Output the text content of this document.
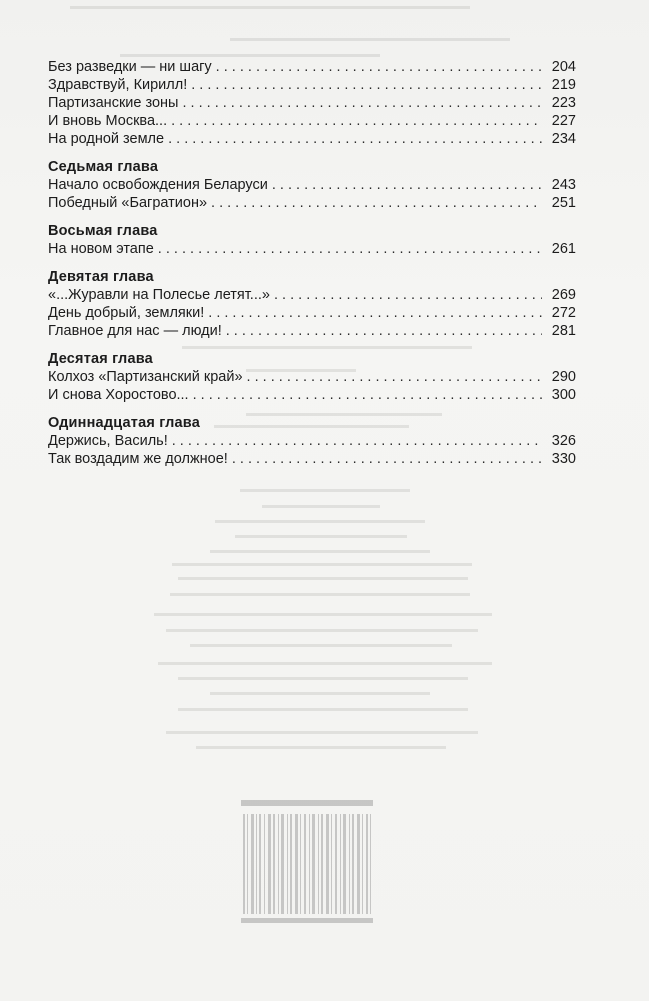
Без разведки — ни шагу . . .	204
Здравствуй, Кирилл! . . .	219
Партизанские зоны . . .	223
И вновь Москва... . . .	227
На родной земле . . .	234
Седьмая глава
Начало освобождения Беларуси . . .	243
Победный «Багратион» . . .	251
Восьмая глава
На новом этапе . . .	261
Девятая глава
«...Журавли на Полесье летят...» . . .	269
День добрый, земляки! . . .	272
Главное для нас — люди! . . .	281
Десятая глава
Колхоз «Партизанский край» . . .	290
И снова Хоростово... . . .	300
Одиннадцатая глава
Держись, Василь! . . .	326
Так воздадим же должное! . . .	330
